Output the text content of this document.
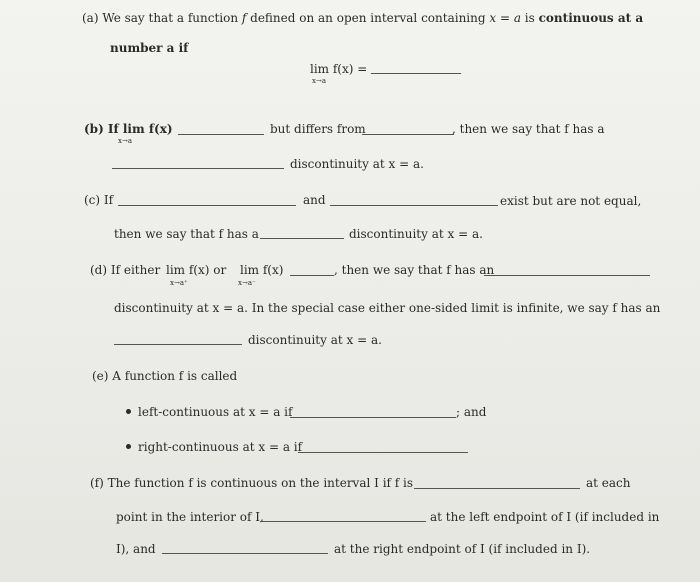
(a) We say that a function f defined on an open interval containing x = a is continuous at a
number a if
lim f(x) =
x→a
(b) If lim f(x)
x→a
but differs from	, then we say that f has a
discontinuity at x = a.
(c) If	and	exist but are not equal,
then we say that f has a	discontinuity at x = a.
(d) If either lim f(x) or
x→a⁺
lim f(x)
x→a⁻
, then we say that f has an
discontinuity at x = a. In the special case either one-sided limit is infinite, we say f has an
discontinuity at x = a.
(e) A function f is called
left-continuous at x = a if	; and
right-continuous at x = a if
(f) The function f is continuous on the interval I if f is	at each
point in the interior of I,	at the left endpoint of I (if included in
I), and	at the right endpoint of I (if included in I).
